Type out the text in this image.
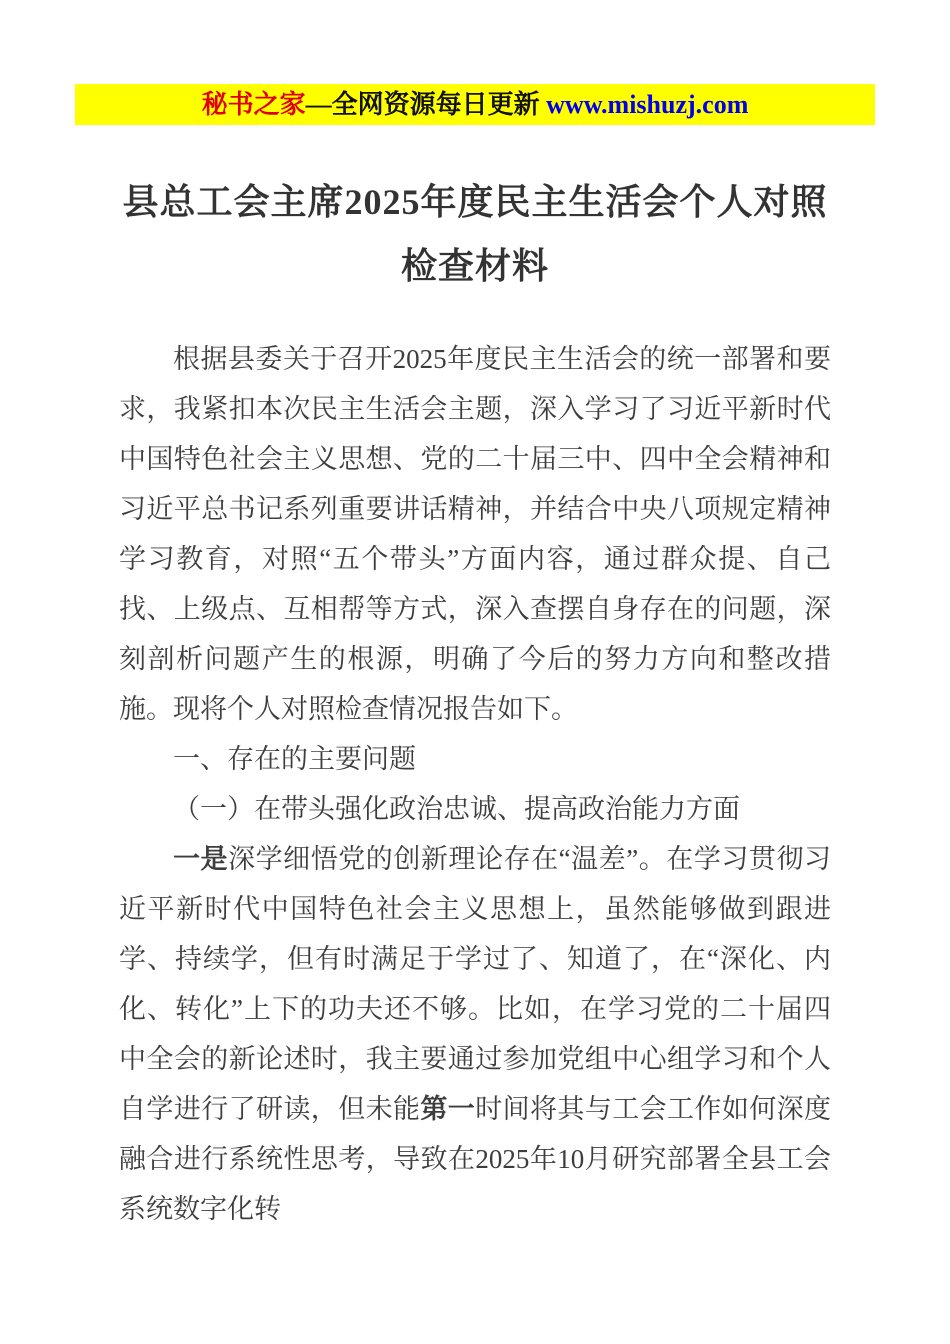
秘书之家—全网资源每日更新 www.mishuzj.com
县总工会主席2025年度民主生活会个人对照
检查材料

根据县委关于召开2025年度民主生活会的统一部署和要求，我紧扣本次民主生活会主题，深入学习了习近平新时代中国特色社会主义思想、党的二十届三中、四中全会精神和习近平总书记系列重要讲话精神，并结合中央八项规定精神学习教育，对照“五个带头”方面内容，通过群众提、自己找、上级点、互相帮等方式，深入查摆自身存在的问题，深刻剖析问题产生的根源，明确了今后的努力方向和整改措施。现将个人对照检查情况报告如下。

一、存在的主要问题

（一）在带头强化政治忠诚、提高政治能力方面

一是深学细悟党的创新理论存在“温差”。在学习贯彻习近平新时代中国特色社会主义思想上，虽然能够做到跟进学、持续学，但有时满足于学过了、知道了，在“深化、内化、转化”上下的功夫还不够。比如，在学习党的二十届四中全会的新论述时，我主要通过参加党组中心组学习和个人自学进行了研读，但未能第一时间将其与工会工作如何深度融合进行系统性思考，导致在2025年10月研究部署全县工会系统数字化转
